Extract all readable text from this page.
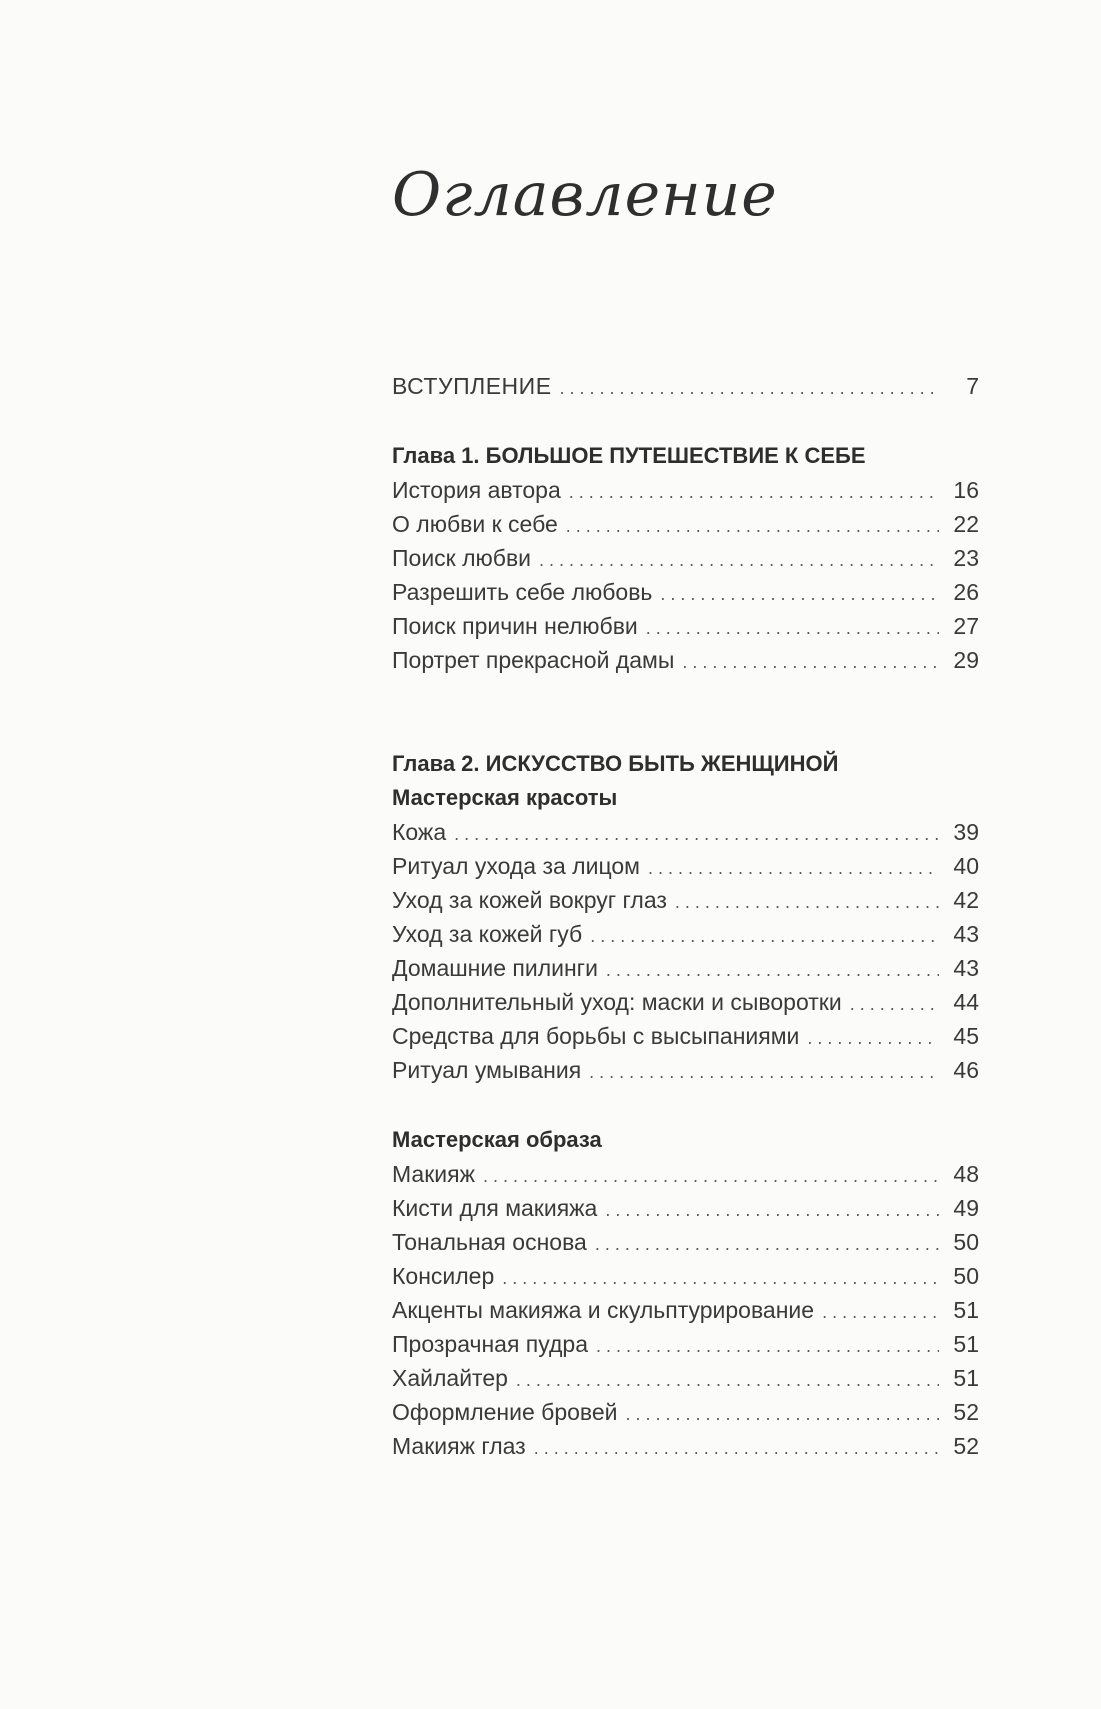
Оглавление
ВСТУПЛЕНИЕ . . .	7
Глава 1. БОЛЬШОЕ ПУТЕШЕСТВИЕ К СЕБЕ
История автора . . .	16
О любви к себе . . .	22
Поиск любви . . .	23
Разрешить себе любовь . . .	26
Поиск причин нелюбви . . .	27
Портрет прекрасной дамы . . .	29
Глава 2. ИСКУССТВО БЫТЬ ЖЕНЩИНОЙ
Мастерская красоты
Кожа . . .	39
Ритуал ухода за лицом . . .	40
Уход за кожей вокруг глаз . . .	42
Уход за кожей губ . . .	43
Домашние пилинги . . .	43
Дополнительный уход: маски и сыворотки . . .	44
Средства для борьбы с высыпаниями . . .	45
Ритуал умывания . . .	46
Мастерская образа
Макияж . . .	48
Кисти для макияжа . . .	49
Тональная основа . . .	50
Консилер . . .	50
Акценты макияжа и скульптурирование . . .	51
Прозрачная пудра . . .	51
Хайлайтер . . .	51
Оформление бровей . . .	52
Макияж глаз . . .	52
